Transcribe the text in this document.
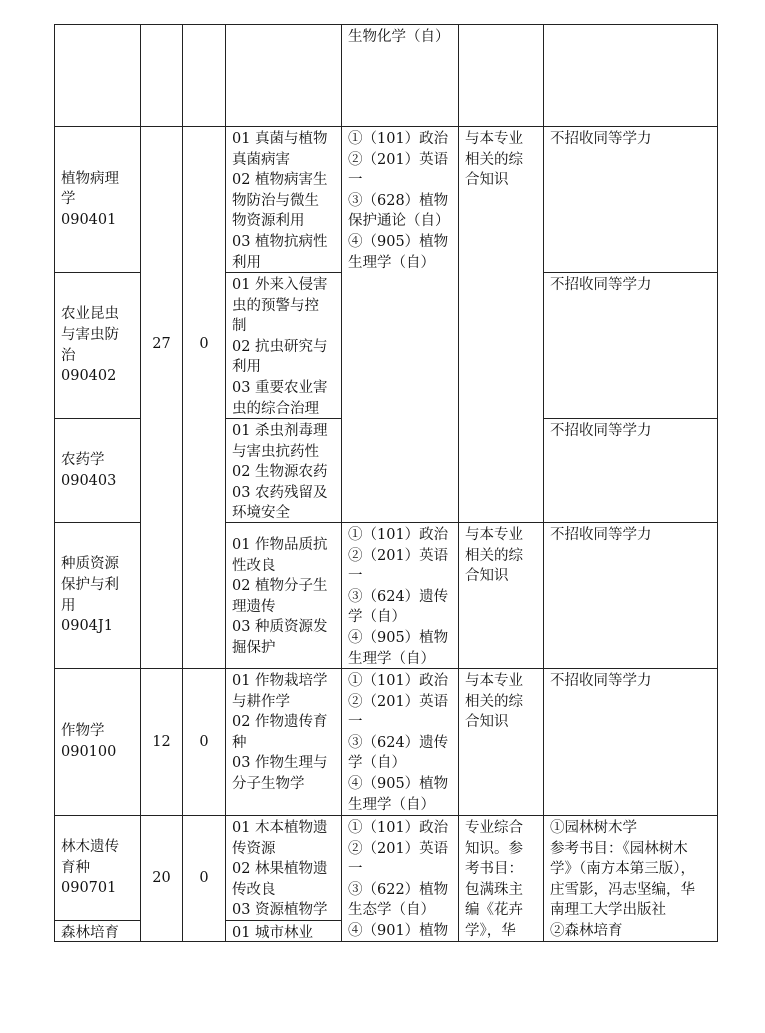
生物化学（自）
27 0
植物病理
学
090401
01 真菌与植物
真菌病害
02 植物病害生
物防治与微生
物资源利用
03 植物抗病性
利用
①（101）政治
②（201）英语
一
③（628）植物
保护通论（自）
④（905）植物
生理学（自）
与本专业
相关的综
合知识
不招收同等学力
农业昆虫
与害虫防
治
090402
01 外来入侵害
虫的预警与控
制
02 抗虫研究与
利用
03 重要农业害
虫的综合治理
不招收同等学力
农药学
090403
01 杀虫剂毒理
与害虫抗药性
02 生物源农药
03 农药残留及
环境安全
不招收同等学力
种质资源
保护与利
用
0904J1
01 作物品质抗
性改良
02 植物分子生
理遗传
03 种质资源发
掘保护
①（101）政治
②（201）英语
一
③（624）遗传
学（自）
④（905）植物
生理学（自）
与本专业
相关的综
合知识
不招收同等学力
作物学
090100
12 0
01 作物栽培学
与耕作学
02 作物遗传育
种
03 作物生理与
分子生物学
①（101）政治
②（201）英语
一
③（624）遗传
学（自）
④（905）植物
生理学（自）
与本专业
相关的综
合知识
不招收同等学力
林木遗传
育种
090701
20 0
01 木本植物遗
传资源
02 林果植物遗
传改良
03 资源植物学
①（101）政治
②（201）英语
一
③（622）植物
生态学（自）
④（901）植物
专业综合
知识。参
考书目：
包满珠主
编《花卉
学》，华
①园林树木学
参考书目：《园林树木
学》（南方本第三版），
庄雪影，冯志坚编，华
南理工大学出版社
②森林培育
森林培育	01 城市林业
